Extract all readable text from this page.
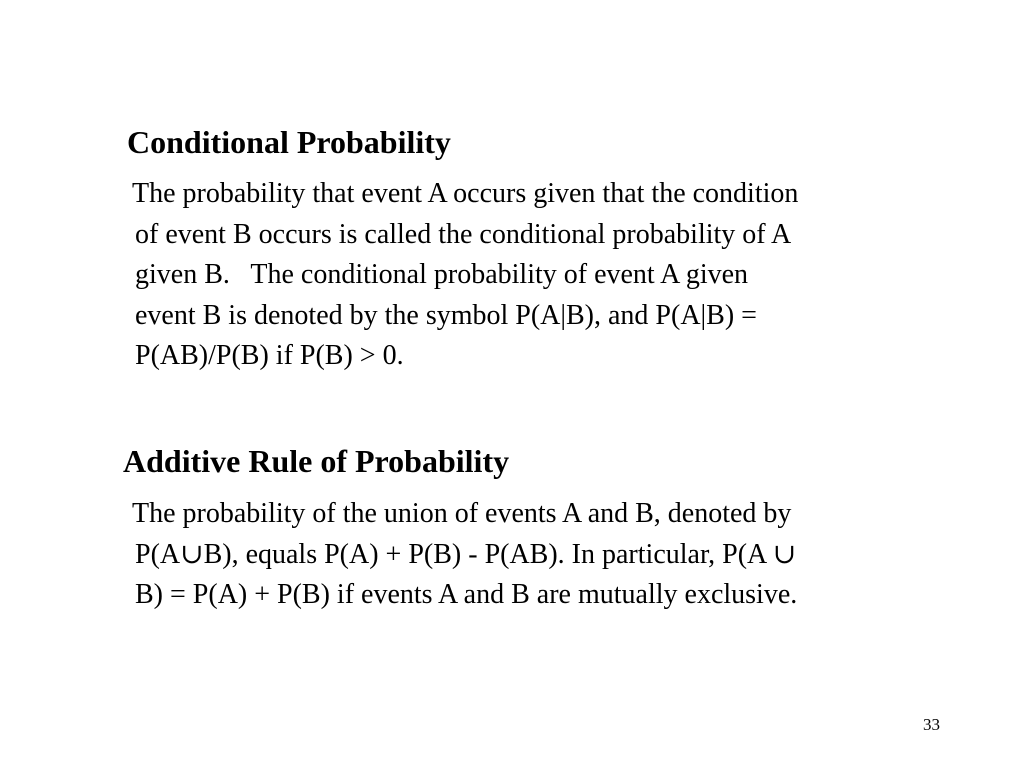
Conditional Probability
The probability that event A occurs given that the condition
of event B occurs is called the conditional probability of A
given B.   The conditional probability of event A given
event B is denoted by the symbol P(A|B), and P(A|B) =
P(AB)/P(B) if P(B) > 0.
Additive Rule of Probability
The probability of the union of events A and B, denoted by
P(A∪B), equals P(A) + P(B) - P(AB). In particular, P(A ∪
B) = P(A) + P(B) if events A and B are mutually exclusive.
33
